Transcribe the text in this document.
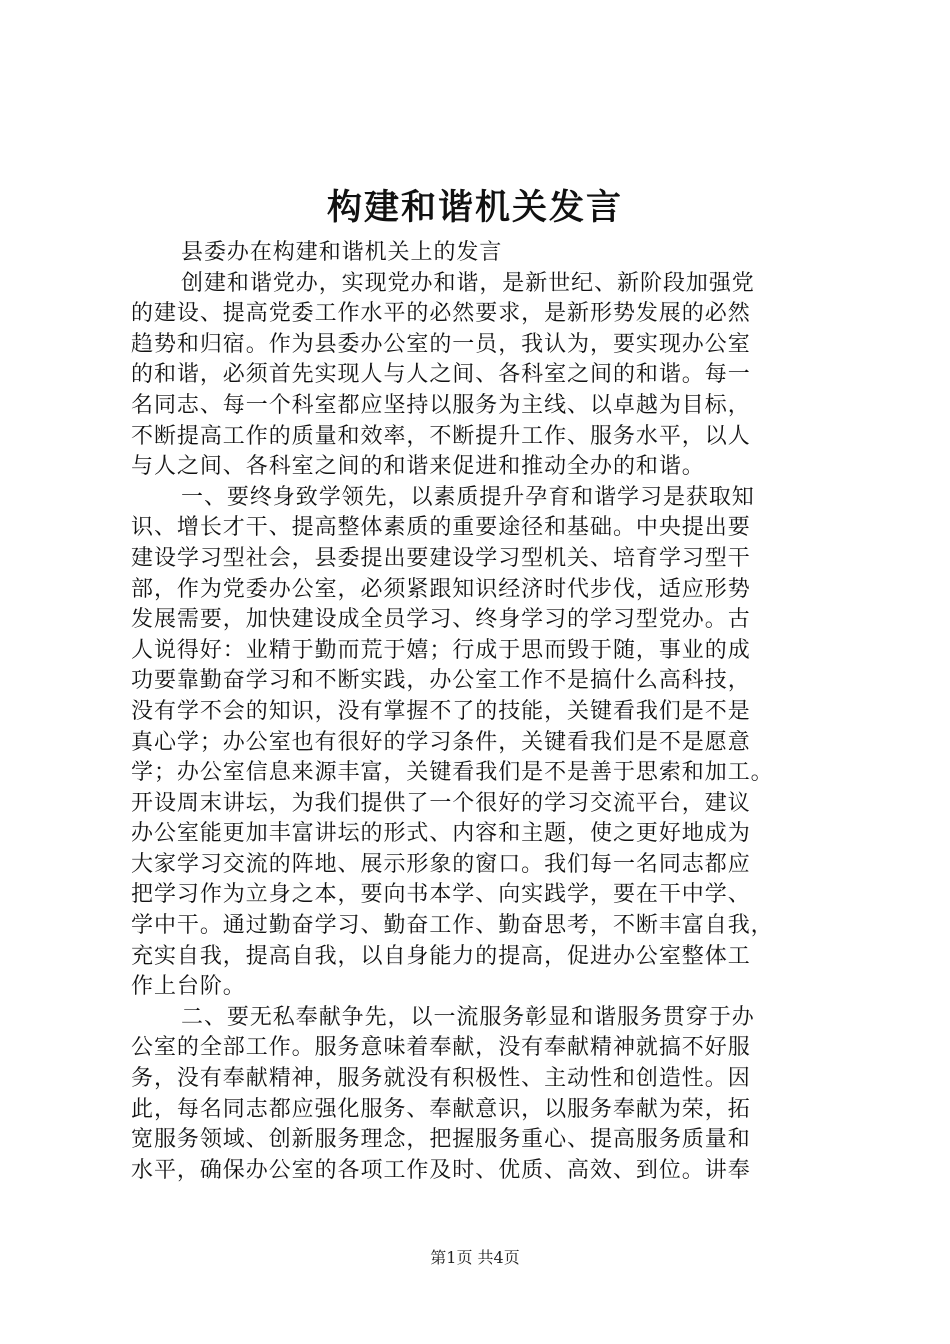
构建和谐机关发言
县委办在构建和谐机关上的发言
创建和谐党办，实现党办和谐，是新世纪、新阶段加强党
的建设、提高党委工作水平的必然要求，是新形势发展的必然
趋势和归宿。作为县委办公室的一员，我认为，要实现办公室
的和谐，必须首先实现人与人之间、各科室之间的和谐。每一
名同志、每一个科室都应坚持以服务为主线、以卓越为目标，
不断提高工作的质量和效率，不断提升工作、服务水平，以人
与人之间、各科室之间的和谐来促进和推动全办的和谐。
一、要终身致学领先，以素质提升孕育和谐学习是获取知
识、增长才干、提高整体素质的重要途径和基础。中央提出要
建设学习型社会，县委提出要建设学习型机关、培育学习型干
部，作为党委办公室，必须紧跟知识经济时代步伐，适应形势
发展需要，加快建设成全员学习、终身学习的学习型党办。古
人说得好：业精于勤而荒于嬉；行成于思而毁于随，事业的成
功要靠勤奋学习和不断实践，办公室工作不是搞什么高科技，
没有学不会的知识，没有掌握不了的技能，关键看我们是不是
真心学；办公室也有很好的学习条件，关键看我们是不是愿意
学；办公室信息来源丰富，关键看我们是不是善于思索和加工。
开设周末讲坛，为我们提供了一个很好的学习交流平台，建议
办公室能更加丰富讲坛的形式、内容和主题，使之更好地成为
大家学习交流的阵地、展示形象的窗口。我们每一名同志都应
把学习作为立身之本，要向书本学、向实践学，要在干中学、
学中干。通过勤奋学习、勤奋工作、勤奋思考，不断丰富自我，
充实自我，提高自我，以自身能力的提高，促进办公室整体工
作上台阶。
二、要无私奉献争先，以一流服务彰显和谐服务贯穿于办
公室的全部工作。服务意味着奉献，没有奉献精神就搞不好服
务，没有奉献精神，服务就没有积极性、主动性和创造性。因
此，每名同志都应强化服务、奉献意识，以服务奉献为荣，拓
宽服务领域、创新服务理念，把握服务重心、提高服务质量和
水平，确保办公室的各项工作及时、优质、高效、到位。讲奉
第1页 共4页
